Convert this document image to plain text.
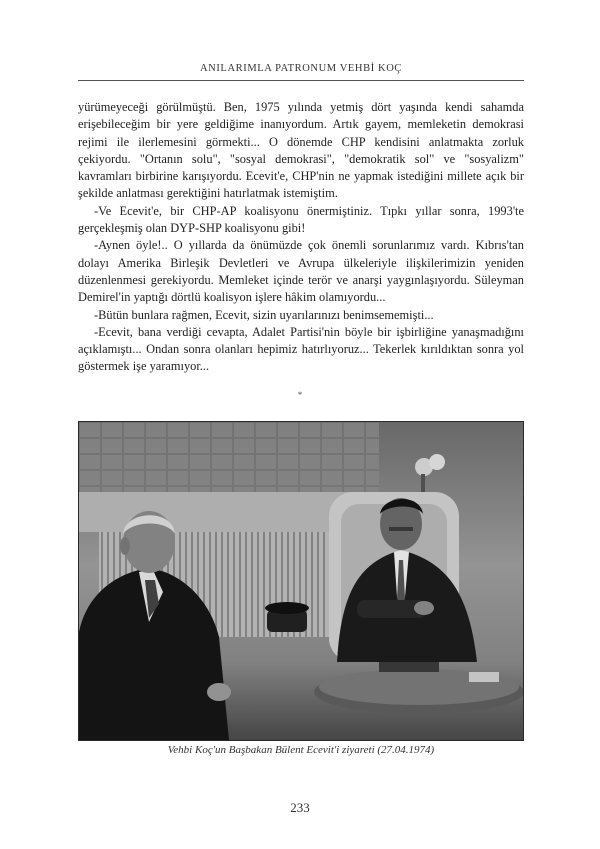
ANILARIMLA PATRONUM VEHBİ KOÇ

yürümeyeceği görülmüştü. Ben, 1975 yılında yetmiş dört yaşında kendi sahamda erişebileceğim bir yere geldiğime inanıyordum. Artık gayem, memleketin demokrasi rejimi ile ilerlemesini görmekti... O dönemde CHP kendisini anlatmakta zorluk çekiyordu. "Ortanın solu", "sosyal demokrasi", "demokratik sol" ve "sosyalizm" kavramları birbirine karışıyordu. Ecevit'e, CHP'nin ne yapmak istediğini millete açık bir şekilde anlatması gerektiğini hatırlatmak istemiştim.

-Ve Ecevit'e, bir CHP-AP koalisyonu önermiştiniz. Tıpkı yıllar sonra, 1993'te gerçekleşmiş olan DYP-SHP koalisyonu gibi!

-Aynen öyle!.. O yıllarda da önümüzde çok önemli sorunlarımız vardı. Kıbrıs'tan dolayı Amerika Birleşik Devletleri ve Avrupa ülkeleriyle ilişkilerimizin yeniden düzenlenmesi gerekiyordu. Memleket içinde terör ve anarşi yaygınlaşıyordu. Süleyman Demirel'in yaptığı dörtlü koalisyon işlere hâkim olamıyordu...

-Bütün bunlara rağmen, Ecevit, sizin uyarılarınızı benimsememişti...

-Ecevit, bana verdiği cevapta, Adalet Partisi'nin böyle bir işbirliğine yanaşmadığını açıklamıştı... Ondan sonra olanları hepimiz hatırlıyoruz... Tekerlek kırıldıktan sonra yol göstermek işe yaramıyor...

*
Vehbi Koç'un Başbakan Bülent Ecevit'i ziyareti (27.04.1974)
233
